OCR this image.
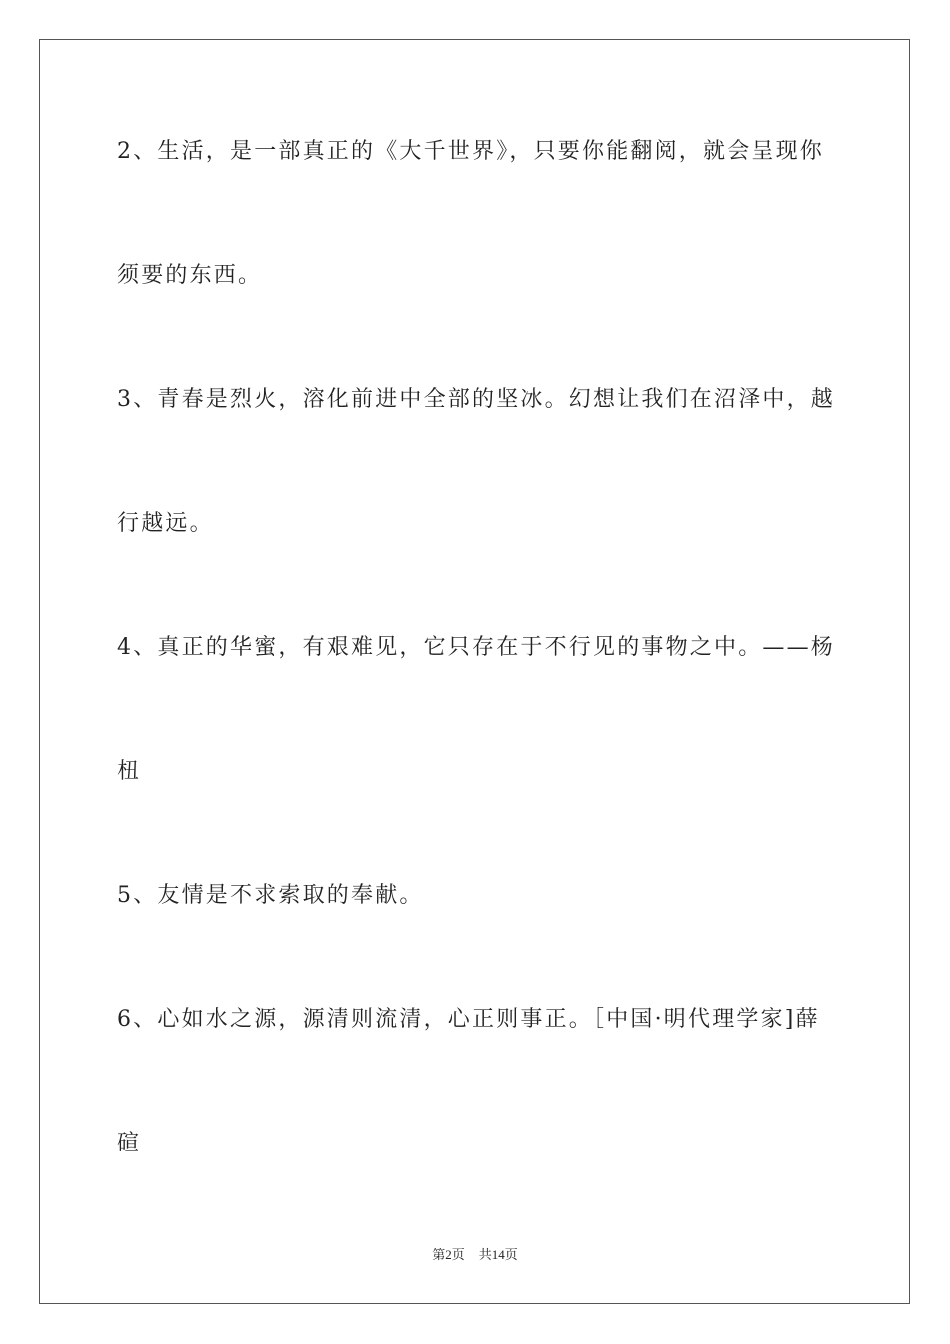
2、生活，是一部真正的《大千世界》，只要你能翻阅，就会呈现你
须要的东西。
3、青春是烈火，溶化前进中全部的坚冰。幻想让我们在沼泽中，越
行越远。
4、真正的华蜜，有艰难见，它只存在于不行见的事物之中。——杨
杻
5、友情是不求索取的奉献。
6、心如水之源，源清则流清，心正则事正。［中国·明代理学家]薛
碹
第2页 共14页
